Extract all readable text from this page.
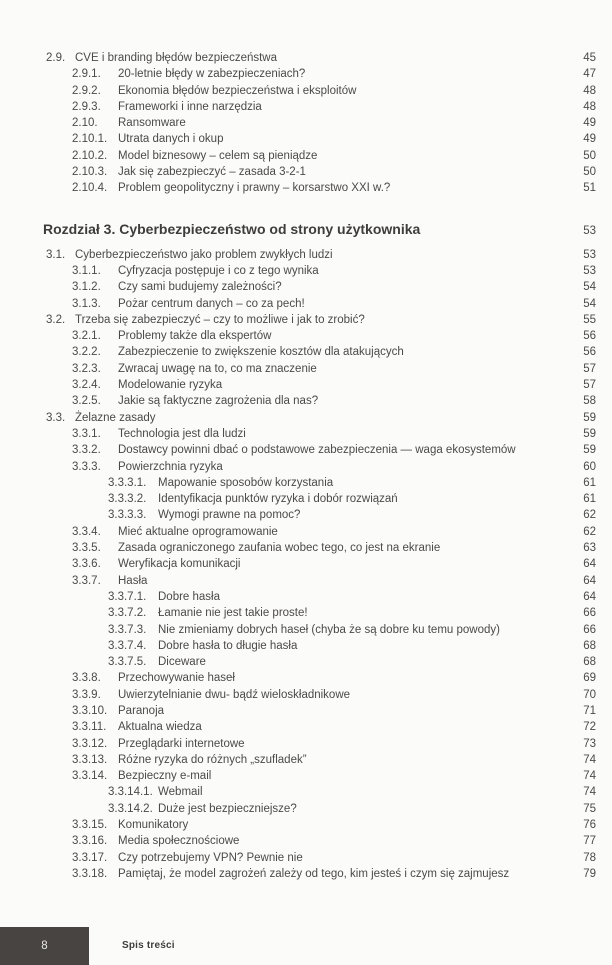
2.9. CVE i branding błędów bezpieczeństwa	45
2.9.1.	20-letnie błędy w zabezpieczeniach?	47
2.9.2.	Ekonomia błędów bezpieczeństwa i eksploitów	48
2.9.3.	Frameworki i inne narzędzia	48
2.10.	Ransomware	49
2.10.1. Utrata danych i okup	49
2.10.2. Model biznesowy – celem są pieniądze	50
2.10.3. Jak się zabezpieczyć – zasada 3-2-1	50
2.10.4. Problem geopolityczny i prawny – korsarstwo XXI w.?	51
Rozdział 3. Cyberbezpieczeństwo od strony użytkownika	53
3.1. Cyberbezpieczeństwo jako problem zwykłych ludzi	53
3.1.1.	Cyfryzacja postępuje i co z tego wynika	53
3.1.2.	Czy sami budujemy zależności?	54
3.1.3.	Pożar centrum danych – co za pech!	54
3.2. Trzeba się zabezpieczyć – czy to możliwe i jak to zrobić?	55
3.2.1.	Problemy także dla ekspertów	56
3.2.2.	Zabezpieczenie to zwiększenie kosztów dla atakujących	56
3.2.3.	Zwracaj uwagę na to, co ma znaczenie	57
3.2.4.	Modelowanie ryzyka	57
3.2.5.	Jakie są faktyczne zagrożenia dla nas?	58
3.3. Żelazne zasady	59
3.3.1.	Technologia jest dla ludzi	59
3.3.2.	Dostawcy powinni dbać o podstawowe zabezpieczenia — waga ekosystemów	59
3.3.3.	Powierzchnia ryzyka	60
3.3.3.1.	Mapowanie sposobów korzystania	61
3.3.3.2.	Identyfikacja punktów ryzyka i dobór rozwiązań	61
3.3.3.3.	Wymogi prawne na pomoc?	62
3.3.4.	Mieć aktualne oprogramowanie	62
3.3.5.	Zasada ograniczonego zaufania wobec tego, co jest na ekranie	63
3.3.6.	Weryfikacja komunikacji	64
3.3.7.	Hasła	64
3.3.7.1.	Dobre hasła	64
3.3.7.2.	Łamanie nie jest takie proste!	66
3.3.7.3.	Nie zmieniamy dobrych haseł (chyba że są dobre ku temu powody)	66
3.3.7.4.	Dobre hasła to długie hasła	68
3.3.7.5.	Diceware	68
3.3.8.	Przechowywanie haseł	69
3.3.9.	Uwierzytelnianie dwu- bądź wieloskładnikowe	70
3.3.10. Paranoja	71
3.3.11.	Aktualna wiedza	72
3.3.12. Przeglądarki internetowe	73
3.3.13. Różne ryzyka do różnych „szufladek”	74
3.3.14. Bezpieczny e-mail	74
3.3.14.1. Webmail	74
3.3.14.2. Duże jest bezpieczniejsze?	75
3.3.15. Komunikatory	76
3.3.16. Media społecznościowe	77
3.3.17. Czy potrzebujemy VPN? Pewnie nie	78
3.3.18. Pamiętaj, że model zagrożeń zależy od tego, kim jesteś i czym się zajmujesz	79
8	Spis treści
